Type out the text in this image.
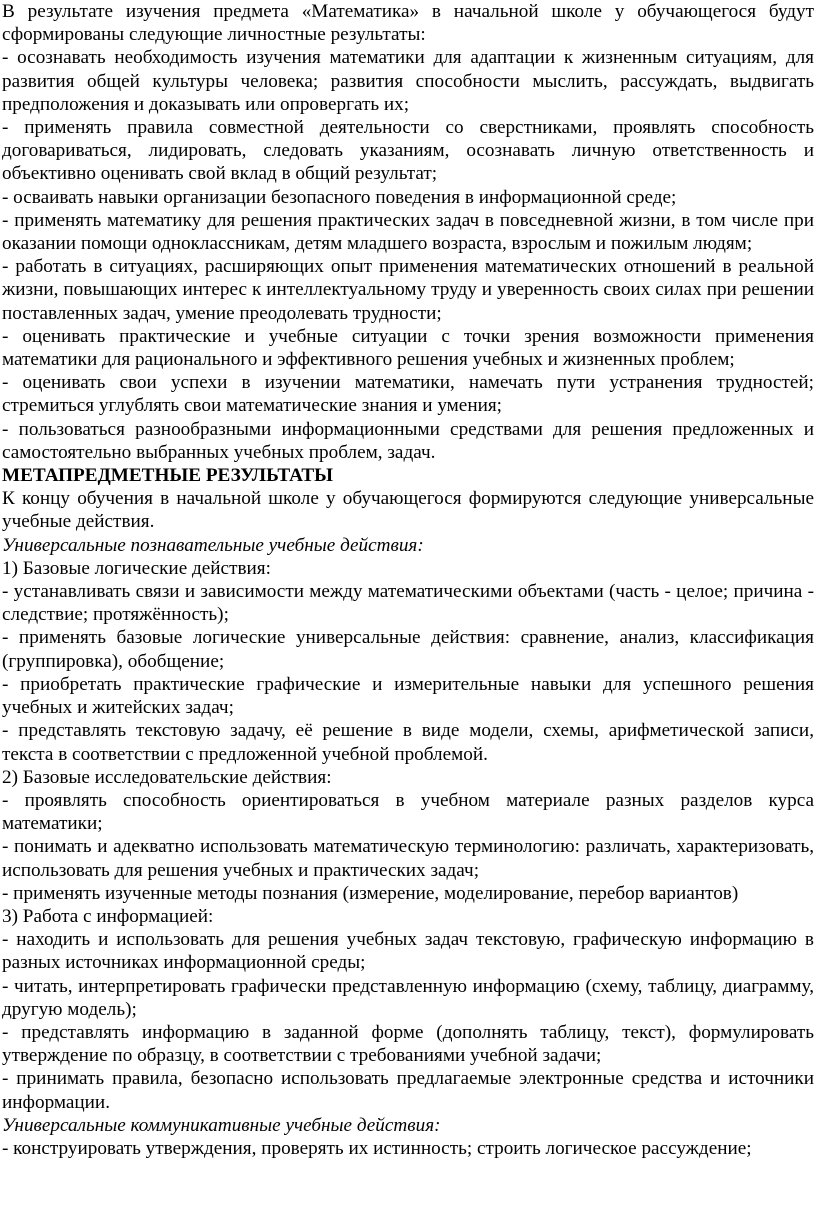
В результате изучения предмета «Математика» в начальной школе у обучающегося будут сформированы следующие личностные результаты:

- осознавать необходимость изучения математики для адаптации к жизненным ситуациям, для развития общей культуры человека; развития способности мыслить, рассуждать, выдвигать предположения и доказывать или опровергать их;

- применять правила совместной деятельности со сверстниками, проявлять способность договариваться, лидировать, следовать указаниям, осознавать личную ответственность и объективно оценивать свой вклад в общий результат;

- осваивать навыки организации безопасного поведения в информационной среде;

- применять математику для решения практических задач в повседневной жизни, в том числе при оказании помощи одноклассникам, детям младшего возраста, взрослым и пожилым людям;

- работать в ситуациях, расширяющих опыт применения математических отношений в реальной жизни, повышающих интерес к интеллектуальному труду и уверенность своих силах при решении поставленных задач, умение преодолевать трудности;

- оценивать практические и учебные ситуации с точки зрения возможности применения математики для рационального и эффективного решения учебных и жизненных проблем;

- оценивать свои успехи в изучении математики, намечать пути устранения трудностей; стремиться углублять свои математические знания и умения;

- пользоваться разнообразными информационными средствами для решения предложенных и самостоятельно выбранных учебных проблем, задач.

МЕТАПРЕДМЕТНЫЕ РЕЗУЛЬТАТЫ

К концу обучения в начальной школе у обучающегося формируются следующие универсальные учебные действия.

Универсальные познавательные учебные действия:

1) Базовые логические действия:

- устанавливать связи и зависимости между математическими объектами (часть - целое; причина - следствие; протяжённость);

- применять базовые логические универсальные действия: сравнение, анализ, классификация (группировка), обобщение;

- приобретать практические графические и измерительные навыки для успешного решения учебных и житейских задач;

- представлять текстовую задачу, её решение в виде модели, схемы, арифметической записи, текста в соответствии с предложенной учебной проблемой.

2) Базовые исследовательские действия:

- проявлять способность ориентироваться в учебном материале разных разделов курса математики;

- понимать и адекватно использовать математическую терминологию: различать, характеризовать, использовать для решения учебных и практических задач;

- применять изученные методы познания (измерение, моделирование, перебор вариантов)

3) Работа с информацией:

- находить и использовать для решения учебных задач текстовую, графическую информацию в разных источниках информационной среды;

- читать, интерпретировать графически представленную информацию (схему, таблицу, диаграмму, другую модель);

- представлять информацию в заданной форме (дополнять таблицу, текст), формулировать утверждение по образцу, в соответствии с требованиями учебной задачи;

- принимать правила, безопасно использовать предлагаемые электронные средства и источники информации.

Универсальные коммуникативные учебные действия:

- конструировать утверждения, проверять их истинность; строить логическое рассуждение;
